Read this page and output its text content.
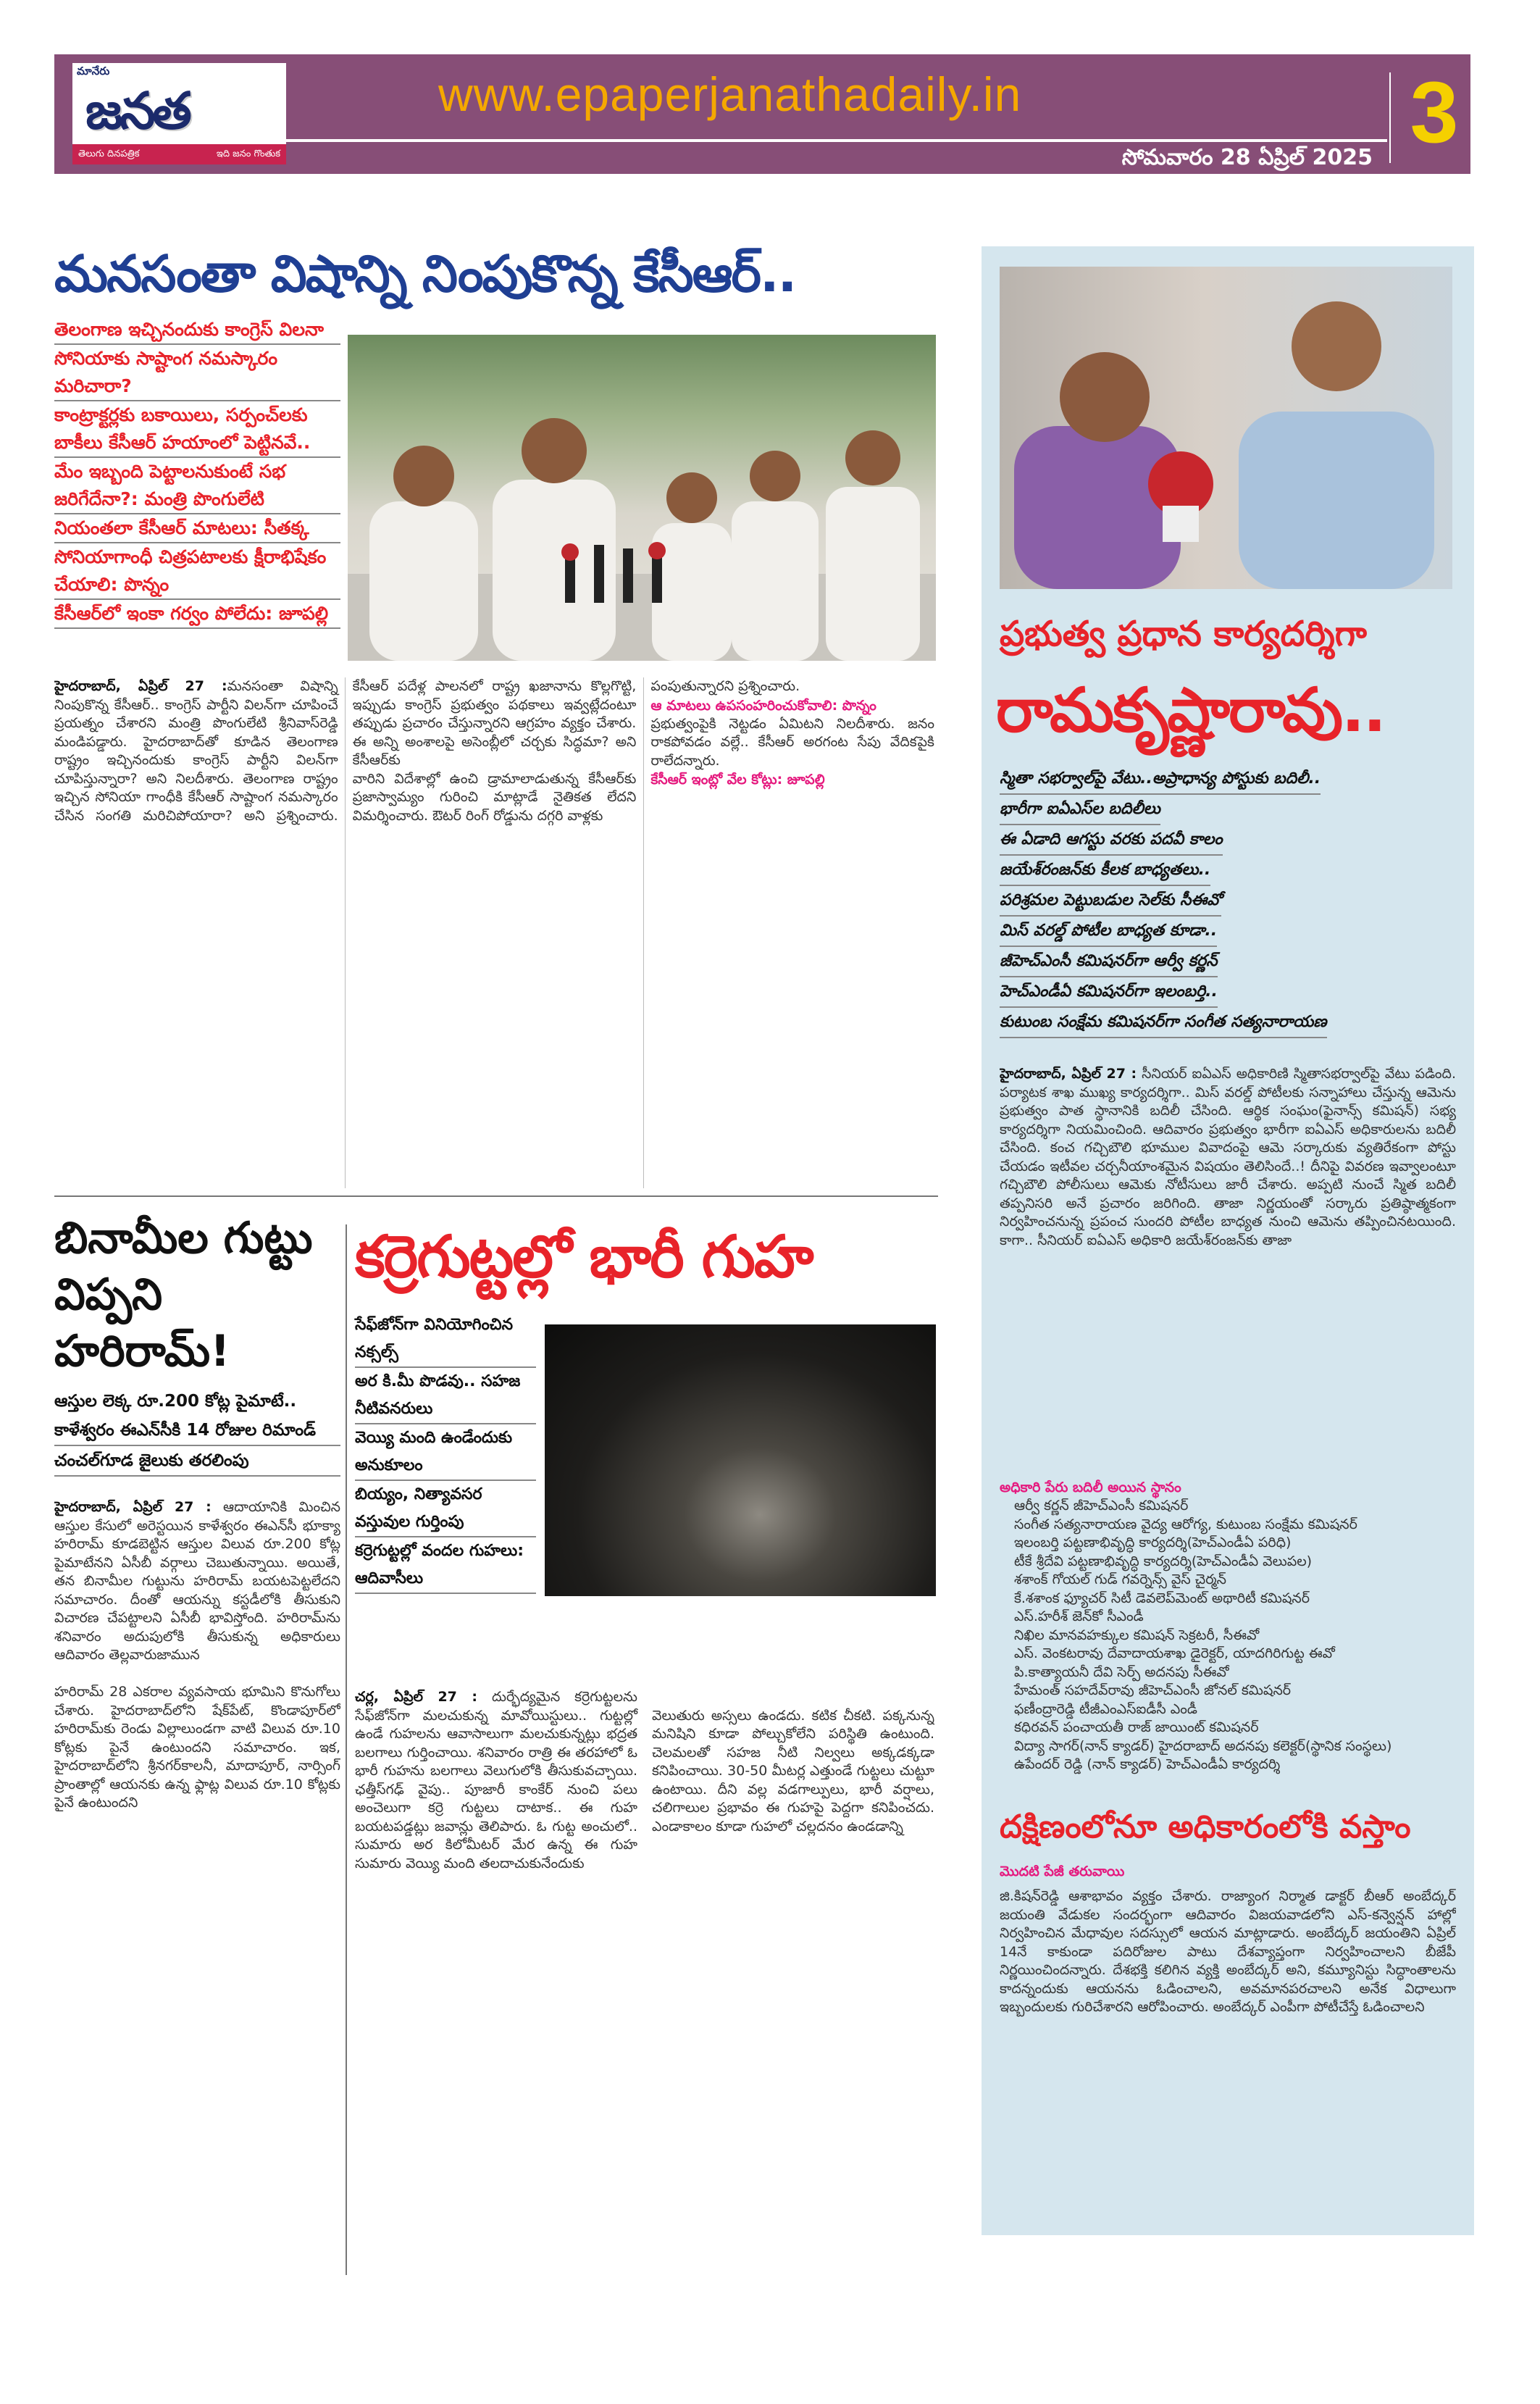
మానేరు
జనత
తెలుగు దినపత్రిక	ఇది జనం గొంతుక
www.epaperjanathadaily.in
సోమవారం 28 ఏప్రిల్ 2025 3
మనసంతా విషాన్ని నింపుకొన్న కేసీఆర్..
తెలంగాణ ఇచ్చినందుకు కాంగ్రెస్ విలనా
సోనియాకు సాష్టాంగ నమస్కారం మరిచారా?
కాంట్రాక్టర్లకు బకాయిలు, సర్పంచ్‌లకు బాకీలు కేసీఆర్ హయాంలో పెట్టినవే..
మేం ఇబ్బంది పెట్టాలనుకుంటే సభ జరిగేదేనా?: మంత్రి పొంగులేటి
నియంతలా కేసీఆర్ మాటలు: సీతక్క
సోనియాగాంధీ చిత్రపటాలకు క్షీరాభిషేకం చేయాలి: పొన్నం
కేసీఆర్‌లో ఇంకా గర్వం పోలేదు: జూపల్లి

హైదరాబాద్, ఏప్రిల్ 27 :మనసంతా విషాన్ని నింపుకొన్న కేసీఆర్.. కాంగ్రెస్ పార్టీని విలన్‌గా చూపించే ప్రయత్నం చేశారని మంత్రి పొంగులేటి శ్రీనివాస్‌రెడ్డి మండిపడ్డారు. హైదరాబాద్‌తో కూడిన తెలంగాణ రాష్ట్రం ఇచ్చినందుకు కాంగ్రెస్ పార్టీని విలన్‌గా చూపిస్తున్నారా? అని నిలదీశారు. తెలంగాణ రాష్ట్రం ఇచ్చిన సోనియా గాంధీకి కేసీఆర్ సాష్టాంగ నమస్కారం చేసిన సంగతి మరిచిపోయారా? అని ప్రశ్నించారు. కేసీఆర్ పదేళ్ల పాలనలో రాష్ట్ర ఖజానాను కొల్లగొట్టి, ఇప్పుడు కాంగ్రెస్ ప్రభుత్వం పథకాలు ఇవ్వట్లేదంటూ తప్పుడు ప్రచారం చేస్తున్నారని ఆగ్రహం వ్యక్తం చేశారు. ఈ అన్ని అంశాలపై అసెంబ్లీలో చర్చకు సిద్ధమా? అని కేసీఆర్‌కు

వారిని విదేశాల్లో ఉంచి డ్రామాలాడుతున్న కేసీఆర్‌కు ప్రజాస్వామ్యం గురించి మాట్లాడే నైతికత లేదని విమర్శించారు. ఔటర్ రింగ్ రోడ్డును దగ్గరి వాళ్లకు

పంపుతున్నారని ప్రశ్నించారు.

ఆ మాటలు ఉపసంహరించుకోవాలి: పొన్నం

ప్రభుత్వంపైకి నెట్టడం ఏమిటని నిలదీశారు. జనం రాకపోవడం వల్లే.. కేసీఆర్ అరగంట సేపు వేదికపైకి రాలేదన్నారు.

కేసీఆర్ ఇంట్లో వేల కోట్లు: జూపల్లి

బినామీల గుట్టు విప్పని హరిరామ్!
ఆస్తుల లెక్క రూ.200 కోట్ల పైమాటే..
కాళేశ్వరం ఈఎన్‌సీకి 14 రోజుల రిమాండ్
చంచల్‌గూడ జైలుకు తరలింపు

హైదరాబాద్, ఏప్రిల్ 27 : ఆదాయానికి మించిన ఆస్తుల కేసులో అరెస్టయిన కాళేశ్వరం ఈఎన్‌సీ భూక్యా హరిరామ్ కూడబెట్టిన ఆస్తుల విలువ రూ.200 కోట్ల పైమాటేనని ఏసీబీ వర్గాలు చెబుతున్నాయి. అయితే, తన బినామీల గుట్టును హరిరామ్ బయటపెట్టలేదని సమాచారం. దీంతో ఆయన్ను కస్టడీలోకి తీసుకుని విచారణ చేపట్టాలని ఏసీబీ భావిస్తోంది. హరిరామ్‌ను శనివారం అదుపులోకి తీసుకున్న అధికారులు ఆదివారం తెల్లవారుజామున

హరిరామ్ 28 ఎకరాల వ్యవసాయ భూమిని కొనుగోలు చేశారు. హైదరాబాద్‌లోని షేక్‌పేట్, కొండాపూర్‌లో హరిరామ్‌కు రెండు విల్లాలుండగా వాటి విలువ రూ.10 కోట్లకు పైనే ఉంటుందని సమాచారం. ఇక, హైదరాబాద్‌లోని శ్రీనగర్‌కాలనీ, మాదాపూర్, నార్సింగ్ ప్రాంతాల్లో ఆయనకు ఉన్న ఫ్లాట్ల విలువ రూ.10 కోట్లకు పైనే ఉంటుందని

కర్రెగుట్టల్లో భారీ గుహ
సేఫ్‌జోన్‌గా వినియోగించిన నక్సల్స్
అర కి.మీ పొడవు.. సహజ నీటివనరులు
వెయ్యి మంది ఉండేందుకు అనుకూలం
బియ్యం, నిత్యావసర వస్తువుల గుర్తింపు
కర్రెగుట్టల్లో వందల గుహలు: ఆదివాసీలు

చర్ల, ఏప్రిల్ 27 : దుర్భేద్యమైన కర్రెగుట్టలను సేఫ్‌జోన్‌గా మలచుకున్న మావోయిస్టులు.. గుట్టల్లో ఉండే గుహలను ఆవాసాలుగా మలచుకున్నట్లు భద్రత బలగాలు గుర్తించాయి. శనివారం రాత్రి ఈ తరహాలో ఓ భారీ గుహను బలగాలు వెలుగులోకి తీసుకువచ్చాయి. ఛత్తీస్‌గఢ్ వైపు.. పూజారీ కాంకేర్ నుంచి పలు అంచెలుగా కర్రె గుట్టలు దాటాక.. ఈ గుహ బయటపడ్డట్లు జవాన్లు తెలిపారు. ఓ గుట్ట అంచులో.. సుమారు అర కిలోమీటర్ మేర ఉన్న ఈ గుహ సుమారు వెయ్యి మంది తలదాచుకునేందుకు

వెలుతురు అస్సలు ఉండదు. కటిక చీకటి. పక్కనున్న మనిషిని కూడా పోల్చుకోలేని పరిస్థితి ఉంటుంది. చెలమలతో సహజ నీటి నిల్వలు అక్కడక్కడా కనిపించాయి. 30-50 మీటర్ల ఎత్తుండే గుట్టలు చుట్టూ ఉంటాయి. దీని వల్ల వడగాల్పులు, భారీ వర్షాలు, చలిగాలుల ప్రభావం ఈ గుహపై పెద్దగా కనిపించదు. ఎండాకాలం కూడా గుహలో చల్లదనం ఉండడాన్ని

ప్రభుత్వ ప్రధాన కార్యదర్శిగా
రామకృష్ణారావు..
స్మితా సభర్వాల్‌పై వేటు..అప్రాధాన్య పోస్టుకు బదిలీ..
భారీగా ఐఏఎస్‌ల బదిలీలు
ఈ ఏడాది ఆగస్టు వరకు పదవీ కాలం
జయేశ్‌రంజన్‌కు కీలక బాధ్యతలు..
పరిశ్రమల పెట్టుబడుల సెల్‌కు సీఈవో
మిస్ వరల్డ్ పోటీల బాధ్యత కూడా..
జీహెచ్‌ఎంసీ కమిషనర్‌గా ఆర్వీ కర్ణన్
హెచ్‌ఎండీఏ కమిషనర్‌గా ఇలంబర్తి..
కుటుంబ సంక్షేమ కమిషనర్‌గా సంగీత సత్యనారాయణ

హైదరాబాద్, ఏప్రిల్ 27 : సీనియర్ ఐఏఎస్ అధికారిణి స్మితాసభర్వాల్‌పై వేటు పడింది. పర్యాటక శాఖ ముఖ్య కార్యదర్శిగా.. మిస్ వరల్డ్ పోటీలకు సన్నాహాలు చేస్తున్న ఆమెను ప్రభుత్వం పాత స్థానానికి బదిలీ చేసింది. ఆర్థిక సంఘం(ఫైనాన్స్ కమిషన్) సభ్య కార్యదర్శిగా నియమించింది. ఆదివారం ప్రభుత్వం భారీగా ఐఏఎస్ అధికారులను బదిలీ చేసింది. కంచ గచ్చిబౌలి భూముల వివాదంపై ఆమె సర్కారుకు వ్యతిరేకంగా పోస్టు చేయడం ఇటీవల చర్చనీయాంశమైన విషయం తెలిసిందే..! దీనిపై వివరణ ఇవ్వాలంటూ గచ్చిబౌలి పోలీసులు ఆమెకు నోటీసులు జారీ చేశారు. అప్పటి నుంచే స్మిత బదిలీ తప్పనిసరి అనే ప్రచారం జరిగింది. తాజా నిర్ణయంతో సర్కారు ప్రతిష్ఠాత్మకంగా నిర్వహించనున్న ప్రపంచ సుందరి పోటీల బాధ్యత నుంచి ఆమెను తప్పించినటయింది. కాగా.. సీనియర్ ఐఏఎస్ అధికారి జయేశ్‌రంజన్‌కు తాజా

అధికారి పేరు బదిలీ అయిన స్థానం
ఆర్వీ కర్ణన్ జీహెచ్‌ఎంసీ కమిషనర్
సంగీత సత్యనారాయణ వైద్య ఆరోగ్య, కుటుంబ సంక్షేమ కమిషనర్
ఇలంబర్తి పట్టణాభివృద్ధి కార్యదర్శి(హెచ్‌ఎండీఏ పరిధి)
టీకే శ్రీదేవి పట్టణాభివృద్ధి కార్యదర్శి(హెచ్‌ఎండీఏ వెలుపల)
శశాంక్ గోయల్ గుడ్ గవర్నెన్స్ వైస్ చైర్మన్
కే.శశాంక ఫ్యూచర్ సిటీ డెవలెప్‌మెంట్ అథారిటీ కమిషనర్
ఎస్.హరీశ్ జెన్‌కో సీఎండీ
నిఖిల మానవహక్కుల కమిషన్ సెక్రటరీ, సీఈవో
ఎస్. వెంకటరావు దేవాదాయశాఖ డైరెక్టర్, యాదగిరిగుట్ట ఈవో
పి.కాత్యాయనీ దేవి సెర్ప్ అదనపు సీఈవో
హేమంత్ సహదేవ్‌రావు జీహెచ్‌ఎంసీ జోనల్ కమిషనర్
ఫణీంద్రారెడ్డి టీజీఎంఎస్ఐడీసీ ఎండీ
కధిరవన్ పంచాయతీ రాజ్ జాయింట్ కమిషనర్
విద్యా సాగర్(నాన్ క్యాడర్) హైదరాబాద్ అదనపు కలెక్టర్(స్థానిక సంస్థలు)
ఉపేందర్ రెడ్డి (నాన్ క్యాడర్) హెచ్‌ఎండీఏ కార్యదర్శి
దక్షిణంలోనూ అధికారంలోకి వస్తాం
మొదటి పేజీ తరువాయి

జి.కిషన్‌రెడ్డి ఆశాభావం వ్యక్తం చేశారు. రాజ్యాంగ నిర్మాత డాక్టర్ బీఆర్ అంబేద్కర్ జయంతి వేడుకల సందర్భంగా ఆదివారం విజయవాడలోని ఎస్-కన్వెన్షన్ హాల్లో నిర్వహించిన మేధావుల సదస్సులో ఆయన మాట్లాడారు. అంబేద్కర్ జయంతిని ఏప్రిల్ 14నే కాకుండా పదిరోజుల పాటు దేశవ్యాప్తంగా నిర్వహించాలని బీజేపీ నిర్ణయించిందన్నారు. దేశభక్తి కలిగిన వ్యక్తి అంబేద్కర్ అని, కమ్యూనిస్టు సిద్ధాంతాలను కాదన్నందుకు ఆయనను ఓడించాలని, అవమానపరచాలని అనేక విధాలుగా ఇబ్బందులకు గురిచేశారని ఆరోపించారు. అంబేద్కర్ ఎంపీగా పోటీచేస్తే ఓడించాలని
